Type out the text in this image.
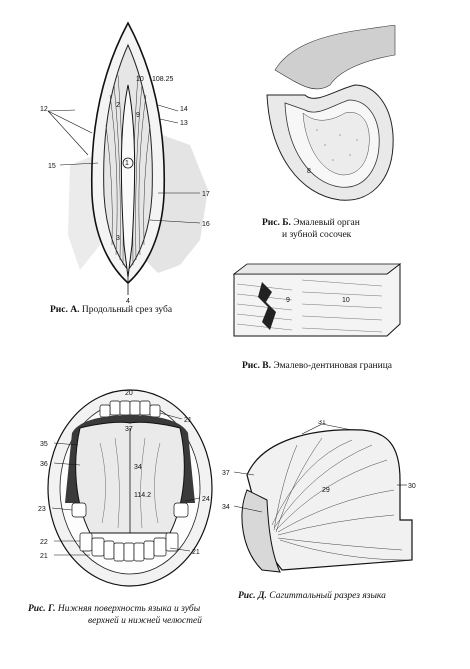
1
2
9
10 108.25
12	14
13
15
17
16
3
4
Рис. А. Продольный срез зуба
8
Рис. Б. Эмалевый орган
и зубной сосочек
9	10
Рис. В. Эмалево-дентиновая граница
20
21
37
35
36	34
114.2
24
23
22
21
21
Рис. Г. Нижняя поверхность языка и зубы
верхней и нижней челюстей
31
37
29
30
34
Рис. Д. Сагиттальный разрез языка
